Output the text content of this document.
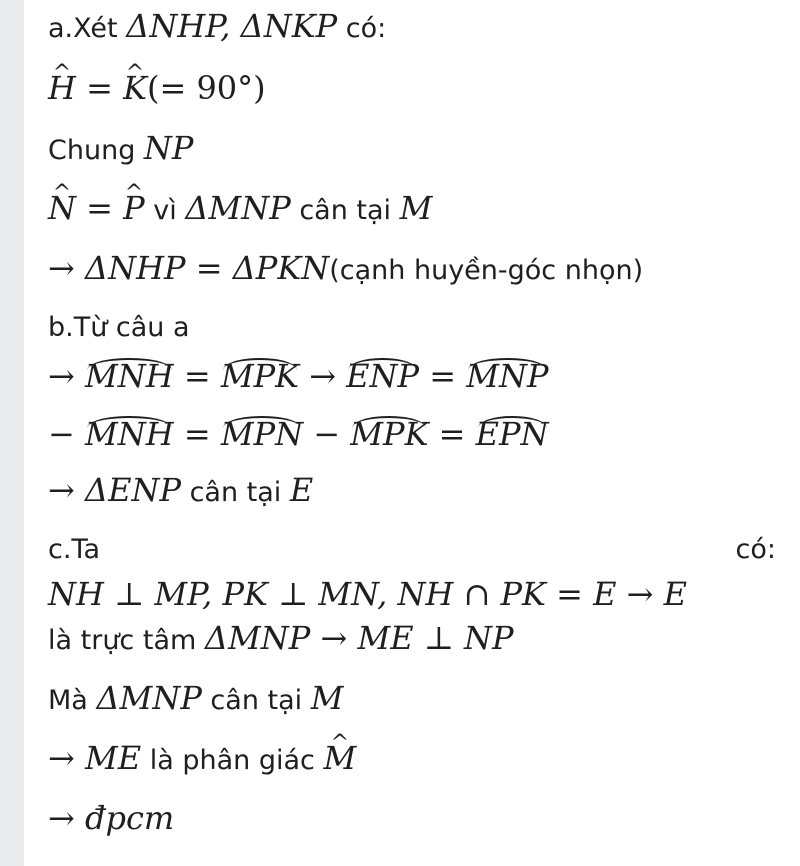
a.Xét ΔNHP, ΔNKP có:
^ H = ^ K(= 90°)
Chung NP
^ N = ^ P vì ΔMNP cân tại M
→ ΔNHP = ΔPKN(cạnh huyền-góc nhọn)
b.Từ câu a
→ MNH = MPK → ENP = MNP
− MNH = MPN − MPK = EPN
→ ΔENP cân tại E
c.Ta	có:
NH ⊥ MP, PK ⊥ MN, NH ∩ PK = E → E
là trực tâm ΔMNP → ME ⊥ NP
Mà ΔMNP cân tại M
→ ME là phân giác ^ M
→ đpcm
